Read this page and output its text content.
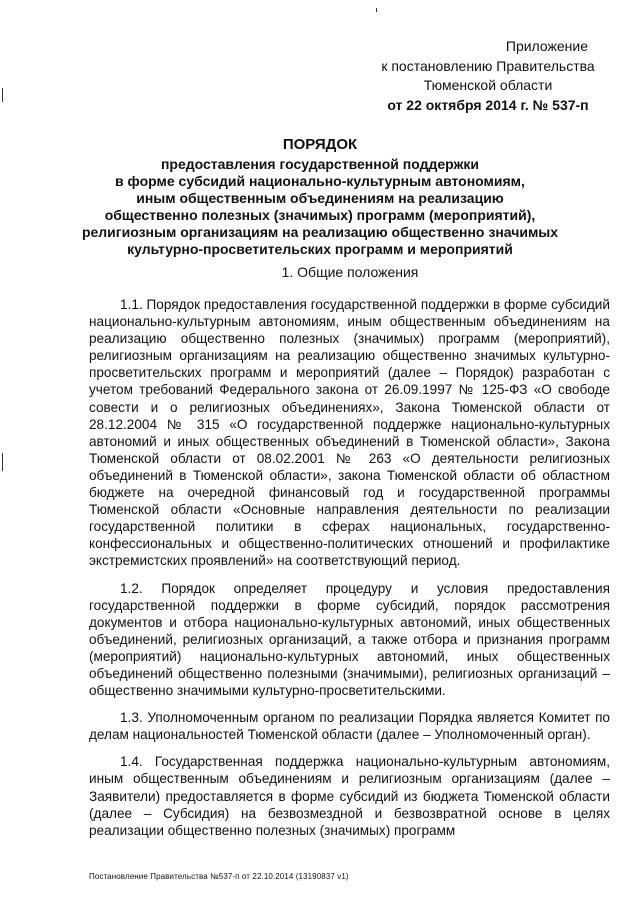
Приложение
к постановлению Правительства
Тюменской области
от 22 октября 2014 г. № 537-п
ПОРЯДОК
предоставления государственной поддержки
в форме субсидий национально-культурным автономиям,
иным общественным объединениям на реализацию
общественно полезных (значимых) программ (мероприятий),
религиозным организациям на реализацию общественно значимых
культурно-просветительских программ и мероприятий
1. Общие положения

1.1. Порядок предоставления государственной поддержки в форме субсидий национально-культурным автономиям, иным общественным объединениям на реализацию общественно полезных (значимых) программ (мероприятий), религиозным организациям на реализацию общественно значимых культурно-просветительских программ и мероприятий (далее – Порядок) разработан с учетом требований Федерального закона от 26.09.1997 № 125-ФЗ «О свободе совести и о религиозных объединениях», Закона Тюменской области от 28.12.2004 № 315 «О государственной поддержке национально-культурных автономий и иных общественных объединений в Тюменской области», Закона Тюменской области от 08.02.2001 № 263 «О деятельности религиозных объединений в Тюменской области», закона Тюменской области об областном бюджете на очередной финансовый год и государственной программы Тюменской области «Основные направления деятельности по реализации государственной политики в сферах национальных, государственно-конфессиональных и общественно-политических отношений и профилактике экстремистских проявлений» на соответствующий период.

1.2. Порядок определяет процедуру и условия предоставления государственной поддержки в форме субсидий, порядок рассмотрения документов и отбора национально-культурных автономий, иных общественных объединений, религиозных организаций, а также отбора и признания программ (мероприятий) национально-культурных автономий, иных общественных объединений общественно полезными (значимыми), религиозных организаций – общественно значимыми культурно-просветительскими.

1.3. Уполномоченным органом по реализации Порядка является Комитет по делам национальностей Тюменской области (далее – Уполномоченный орган).

1.4. Государственная поддержка национально-культурным автономиям, иным общественным объединениям и религиозным организациям (далее – Заявители) предоставляется в форме субсидий из бюджета Тюменской области (далее – Субсидия) на безвозмездной и безвозвратной основе в целях реализации общественно полезных (значимых) программ

Постановление Правительства №537-п от 22.10.2014 (13190837 v1)
